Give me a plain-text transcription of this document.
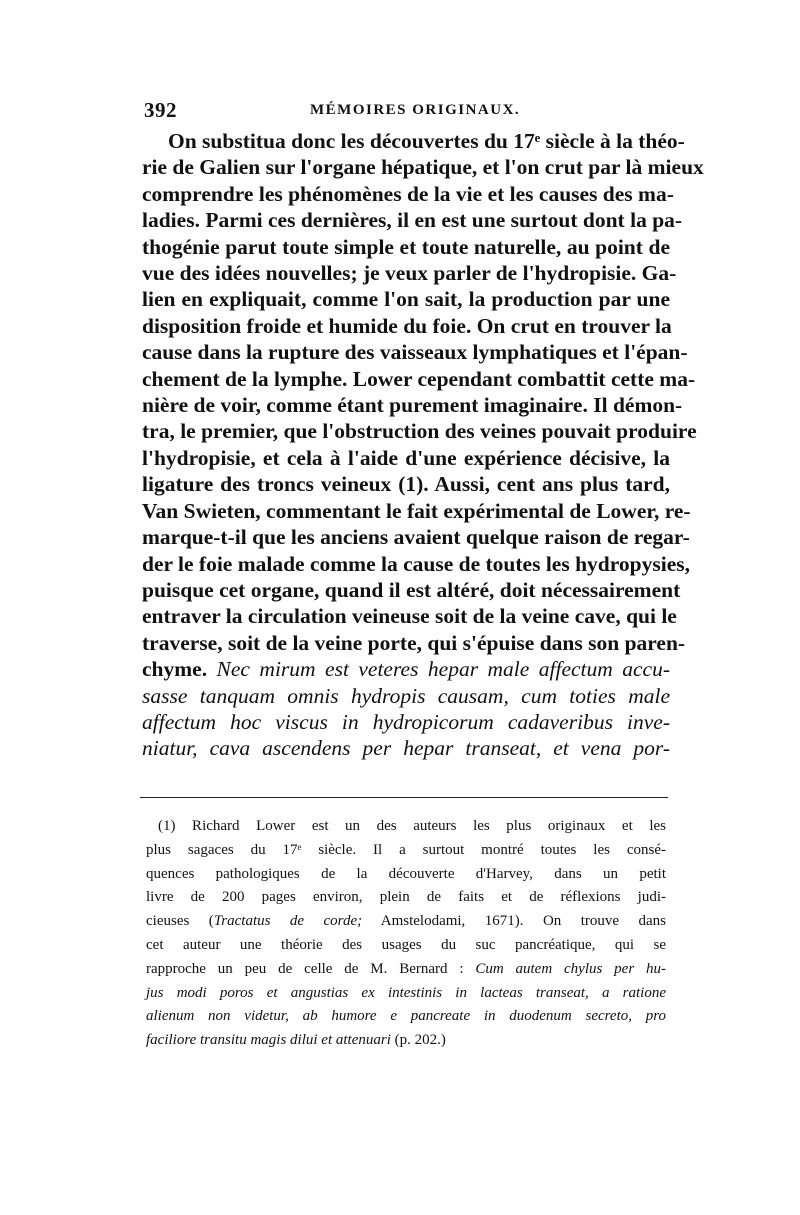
392	MÉMOIRES ORIGINAUX.
On substitua donc les découvertes du 17ᵉ siècle à la théo-
rie de Galien sur l'organe hépatique, et l'on crut par là mieux
comprendre les phénomènes de la vie et les causes des ma-
ladies. Parmi ces dernières, il en est une surtout dont la pa-
thogénie parut toute simple et toute naturelle, au point de
vue des idées nouvelles; je veux parler de l'hydropisie. Ga-
lien en expliquait, comme l'on sait, la production par une
disposition froide et humide du foie. On crut en trouver la
cause dans la rupture des vaisseaux lymphatiques et l'épan-
chement de la lymphe. Lower cependant combattit cette ma-
nière de voir, comme étant purement imaginaire. Il démon-
tra, le premier, que l'obstruction des veines pouvait produire
l'hydropisie, et cela à l'aide d'une expérience décisive, la
ligature des troncs veineux (1). Aussi, cent ans plus tard,
Van Swieten, commentant le fait expérimental de Lower, re-
marque-t-il que les anciens avaient quelque raison de regar-
der le foie malade comme la cause de toutes les hydropysies,
puisque cet organe, quand il est altéré, doit nécessairement
entraver la circulation veineuse soit de la veine cave, qui le
traverse, soit de la veine porte, qui s'épuise dans son paren-
chyme. Nec mirum est veteres hepar male affectum accu-
sasse tanquam omnis hydropis causam, cum toties male
affectum hoc viscus in hydropicorum cadaveribus inve-
niatur, cava ascendens per hepar transeat, et vena por-
(1) Richard Lower est un des auteurs les plus originaux et les
plus sagaces du 17ᵉ siècle. Il a surtout montré toutes les consé-
quences pathologiques de la découverte d'Harvey, dans un petit
livre de 200 pages environ, plein de faits et de réflexions judi-
cieuses (Tractatus de corde; Amstelodami, 1671). On trouve dans
cet auteur une théorie des usages du suc pancréatique, qui se
rapproche un peu de celle de M. Bernard : Cum autem chylus per hu-
jus modi poros et angustias ex intestinis in lacteas transeat, a ratione
alienum non videtur, ab humore e pancreate in duodenum secreto, pro
faciliore transitu magis dilui et attenuari (p. 202.)
